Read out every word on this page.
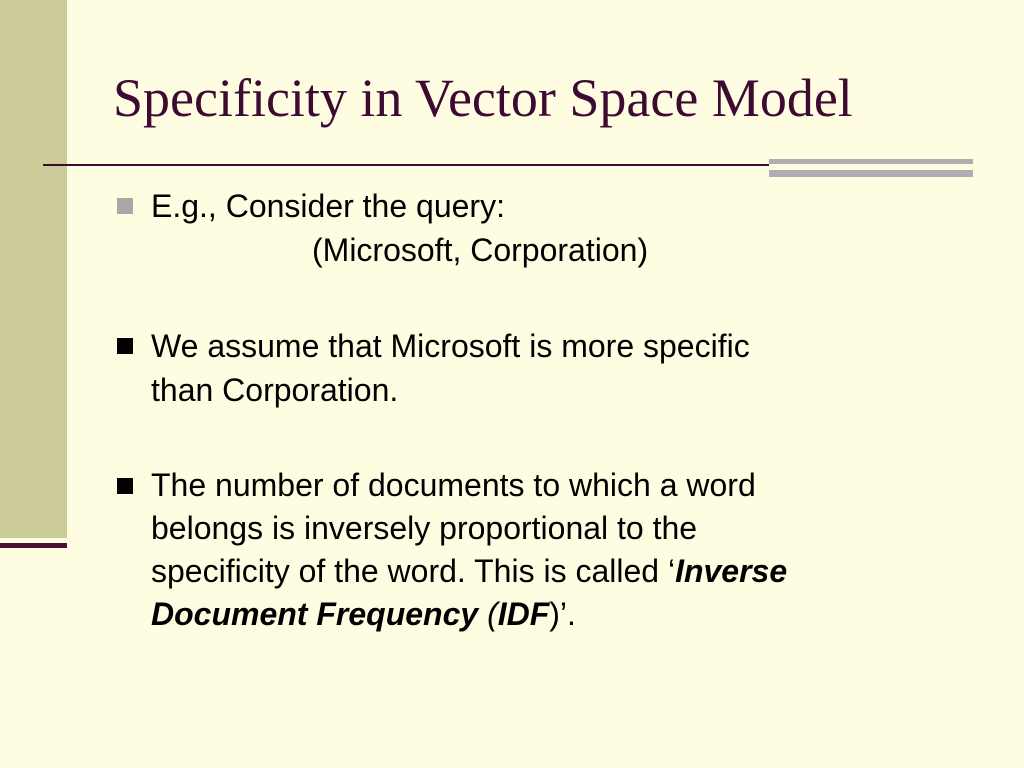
Specificity in Vector Space Model
E.g., Consider the query:
(Microsoft, Corporation)
We assume that Microsoft is more specific
than Corporation.
The number of documents to which a word
belongs is inversely proportional to the
specificity of the word. This is called ‘Inverse
Document Frequency (IDF)’.
